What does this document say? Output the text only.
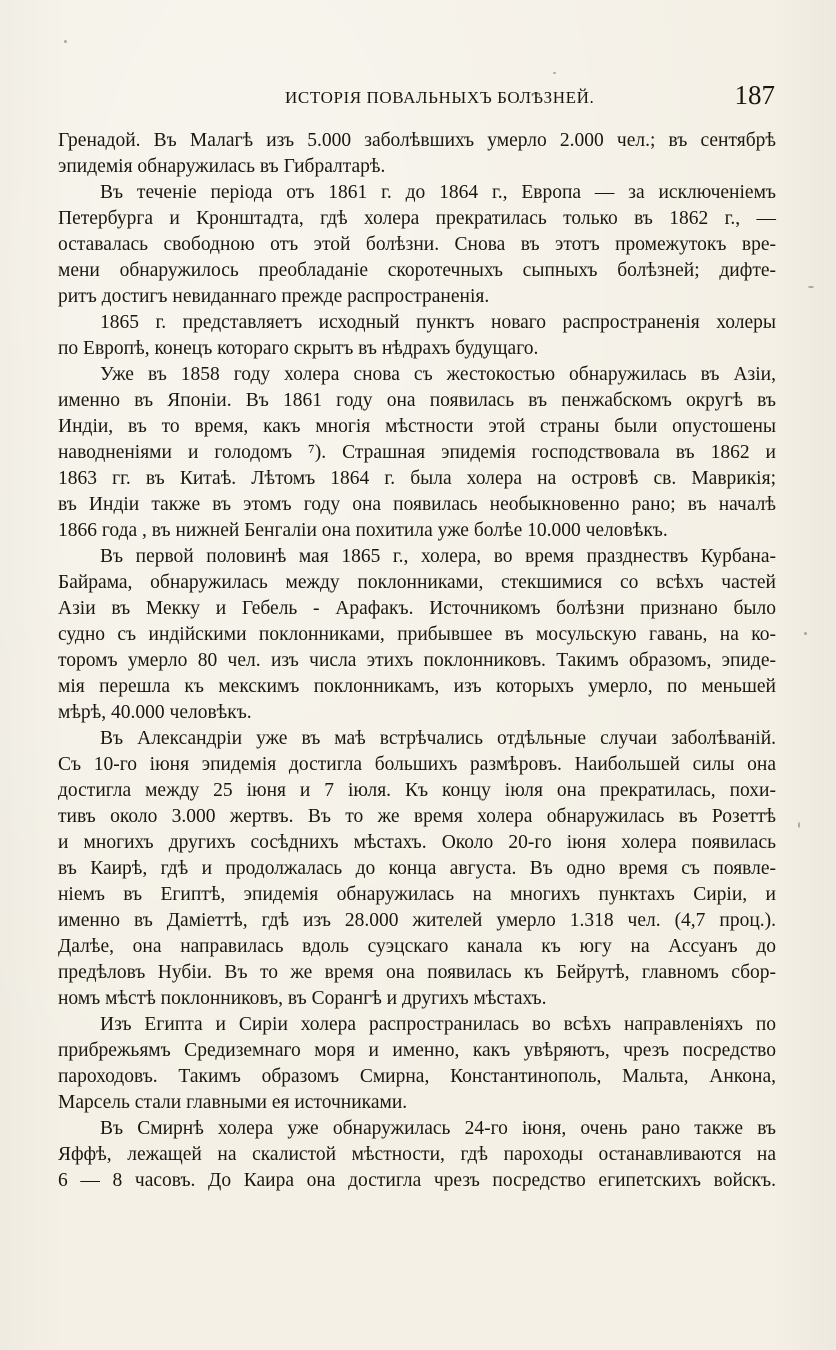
ИСТОРІЯ ПОВАЛЬНЫХЪ БОЛѢЗНЕЙ.	187
Гренадой. Въ Малагѣ изъ 5.000 заболѣвшихъ умерло 2.000 чел.; въ сентябрѣ
эпидемія обнаружилась въ Гибралтарѣ.
Въ теченіе періода отъ 1861 г. до 1864 г., Европа — за исключеніемъ
Петербурга и Кронштадта, гдѣ холера прекратилась только въ 1862 г., —
оставалась свободною отъ этой болѣзни. Снова въ этотъ промежутокъ вре-
мени обнаружилось преобладаніе скоротечныхъ сыпныхъ болѣзней; дифте-
ритъ достигъ невиданнаго прежде распространенія.
1865 г. представляетъ исходный пунктъ новаго распространенія холеры
по Европѣ, конецъ котораго скрытъ въ нѣдрахъ будущаго.
Уже въ 1858 году холера снова съ жестокостью обнаружилась въ Азіи,
именно въ Японіи. Въ 1861 году она появилась въ пенжабскомъ округѣ въ
Индіи, въ то время, какъ многія мѣстности этой страны были опустошены
наводненіями и голодомъ ⁷). Страшная эпидемія господствовала въ 1862 и
1863 гг. въ Китаѣ. Лѣтомъ 1864 г. была холера на островѣ св. Маврикія;
въ Индіи также въ этомъ году она появилась необыкновенно рано; въ началѣ
1866 года , въ нижней Бенгаліи она похитила уже болѣе 10.000 человѣкъ.
Въ первой половинѣ мая 1865 г., холера, во время празднествъ Курбана-
Байрама, обнаружилась между поклонниками, стекшимися со всѣхъ частей
Азіи въ Мекку и Гебель - Арафакъ. Источникомъ болѣзни признано было
судно съ индійскими поклонниками, прибывшее въ мосульскую гавань, на ко-
торомъ умерло 80 чел. изъ числа этихъ поклонниковъ. Такимъ образомъ, эпиде-
мія перешла къ мекскимъ поклонникамъ, изъ которыхъ умерло, по меньшей
мѣрѣ, 40.000 человѣкъ.
Въ Александріи уже въ маѣ встрѣчались отдѣльные случаи заболѣваній.
Съ 10-го іюня эпидемія достигла большихъ размѣровъ. Наибольшей силы она
достигла между 25 іюня и 7 іюля. Къ концу іюля она прекратилась, похи-
тивъ около 3.000 жертвъ. Въ то же время холера обнаружилась въ Розеттѣ
и многихъ другихъ сосѣднихъ мѣстахъ. Около 20-го іюня холера появилась
въ Каирѣ, гдѣ и продолжалась до конца августа. Въ одно время съ появле-
ніемъ въ Египтѣ, эпидемія обнаружилась на многихъ пунктахъ Сиріи, и
именно въ Даміеттѣ, гдѣ изъ 28.000 жителей умерло 1.318 чел. (4,7 проц.).
Далѣе, она направилась вдоль суэцскаго канала къ югу на Ассуанъ до
предѣловъ Нубіи. Въ то же время она появилась къ Бейрутѣ, главномъ сбор-
номъ мѣстѣ поклонниковъ, въ Сорангѣ и другихъ мѣстахъ.
Изъ Египта и Сиріи холера распространилась во всѣхъ направленіяхъ по
прибрежьямъ Средиземнаго моря и именно, какъ увѣряютъ, чрезъ посредство
пароходовъ. Такимъ образомъ Смирна, Константинополь, Мальта, Анкона,
Марсель стали главными ея источниками.
Въ Смирнѣ холера уже обнаружилась 24-го іюня, очень рано также въ
Яффѣ, лежащей на скалистой мѣстности, гдѣ пароходы останавливаются на
6 — 8 часовъ. До Каира она достигла чрезъ посредство египетскихъ войскъ.
